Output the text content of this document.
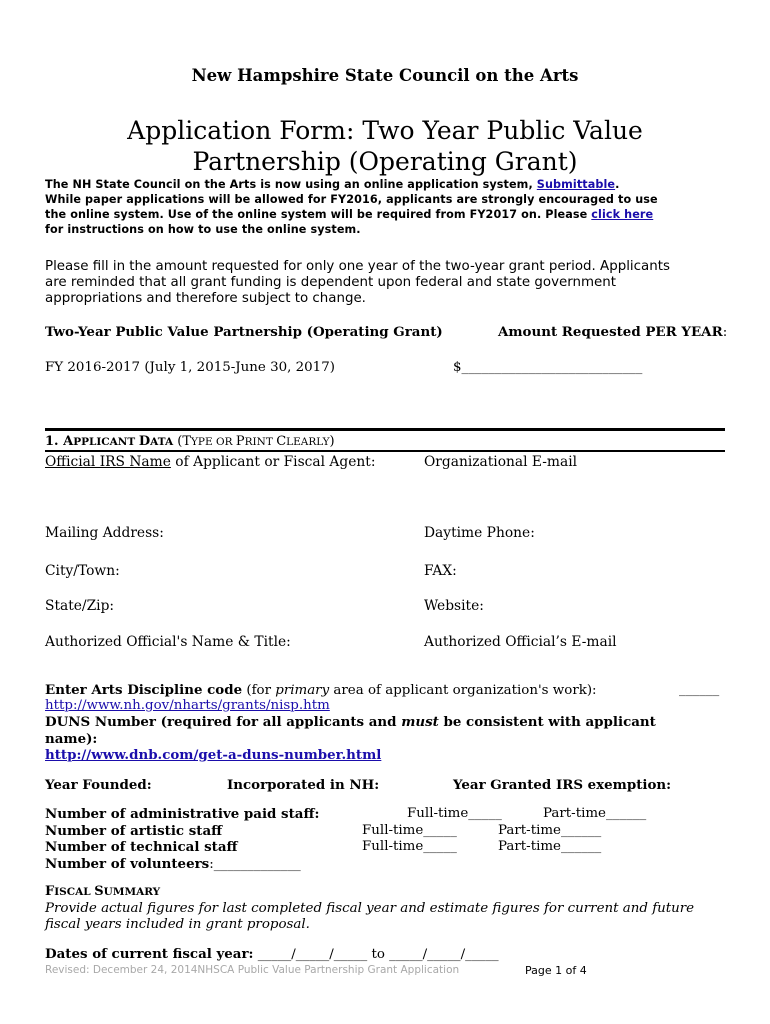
New Hampshire State Council on the Arts
Application Form: Two Year Public Value
Partnership (Operating Grant)
The NH State Council on the Arts is now using an online application system, Submittable.
While paper applications will be allowed for FY2016, applicants are strongly encouraged to use
the online system. Use of the online system will be required from FY2017 on. Please click here
for instructions on how to use the online system.
Please fill in the amount requested for only one year of the two-year grant period. Applicants
are reminded that all grant funding is dependent upon federal and state government
appropriations and therefore subject to change.
Two-Year Public Value Partnership (Operating Grant)	Amount Requested PER YEAR:
FY 2016-2017 (July 1, 2015-June 30, 2017)	$___________________________
1. APPLICANT DATA (TYPE OR PRINT CLEARLY)
Official IRS Name of Applicant or Fiscal Agent:	Organizational E-mail
Mailing Address:	Daytime Phone:
City/Town:	FAX:
State/Zip:	Website:
Authorized Official's Name & Title:	Authorized Official’s E-mail
Enter Arts Discipline code (for primary area of applicant organization's work):	______
http://www.nh.gov/nharts/grants/nisp.htm
DUNS Number (required for all applicants and must be consistent with applicant
name):
http://www.dnb.com/get-a-duns-number.html
Year Founded:	Incorporated in NH:	Year Granted IRS exemption:
Number of administrative paid staff:	Full-time_____	Part-time______
Number of artistic staff	Full-time_____	Part-time______
Number of technical staff	Full-time_____	Part-time______
Number of volunteers:_____________
FISCAL SUMMARY
Provide actual figures for last completed fiscal year and estimate figures for current and future
fiscal years included in grant proposal.
Dates of current fiscal year: _____/_____/_____ to _____/_____/_____
Revised: December 24, 2014NHSCA Public Value Partnership Grant Application	Page 1 of 4
